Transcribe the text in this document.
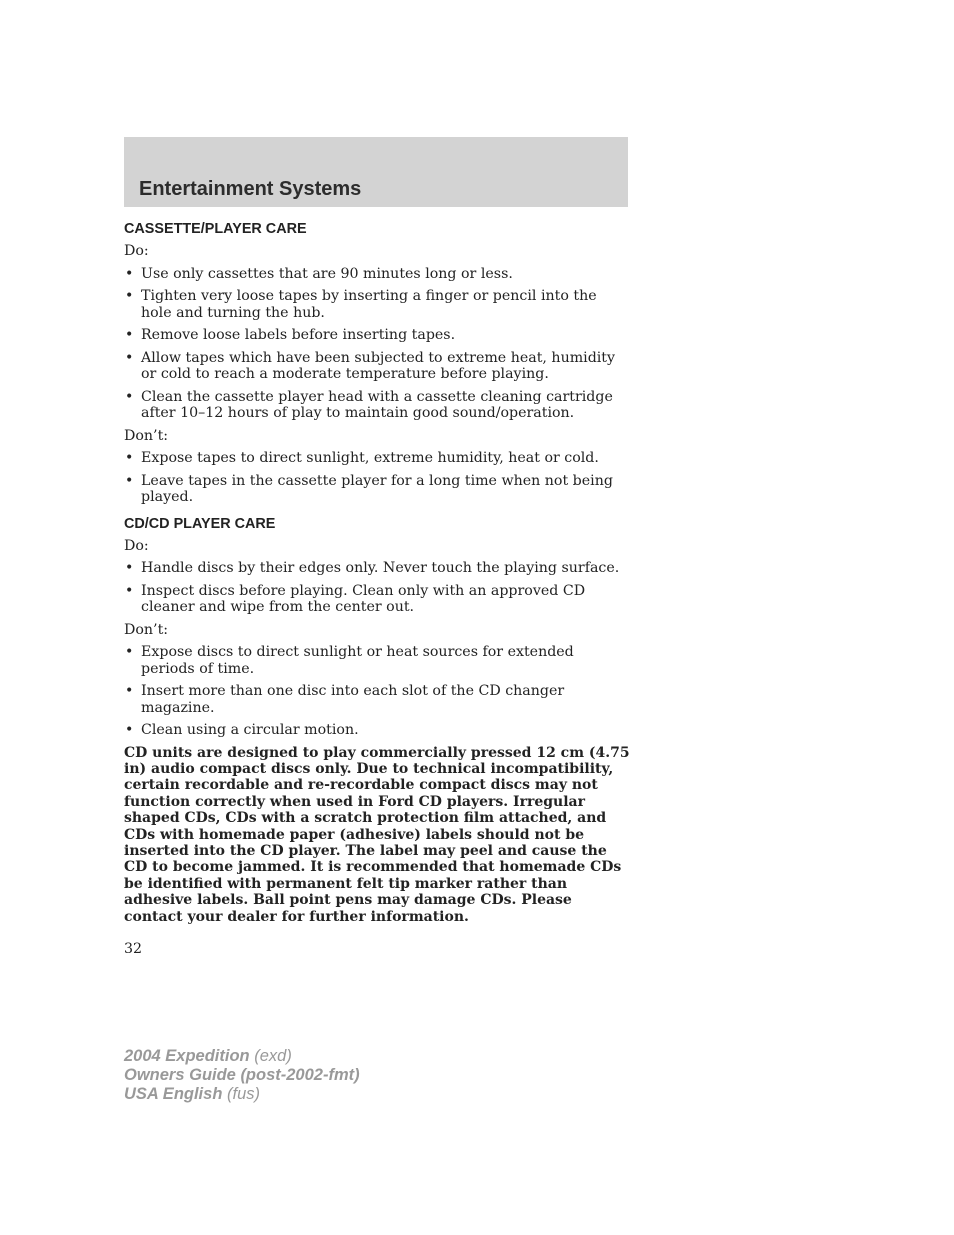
Entertainment Systems
CASSETTE/PLAYER CARE
Do:
• Use only cassettes that are 90 minutes long or less.
• Tighten very loose tapes by inserting a finger or pencil into the hole and turning the hub.
• Remove loose labels before inserting tapes.
• Allow tapes which have been subjected to extreme heat, humidity or cold to reach a moderate temperature before playing.
• Clean the cassette player head with a cassette cleaning cartridge after 10–12 hours of play to maintain good sound/operation.
Don’t:
• Expose tapes to direct sunlight, extreme humidity, heat or cold.
• Leave tapes in the cassette player for a long time when not being played.
CD/CD PLAYER CARE
Do:
• Handle discs by their edges only. Never touch the playing surface.
• Inspect discs before playing. Clean only with an approved CD cleaner and wipe from the center out.
Don’t:
• Expose discs to direct sunlight or heat sources for extended periods of time.
• Insert more than one disc into each slot of the CD changer magazine.
• Clean using a circular motion.
CD units are designed to play commercially pressed 12 cm (4.75 in) audio compact discs only. Due to technical incompatibility, certain recordable and re-recordable compact discs may not function correctly when used in Ford CD players. Irregular shaped CDs, CDs with a scratch protection film attached, and CDs with homemade paper (adhesive) labels should not be inserted into the CD player. The label may peel and cause the CD to become jammed. It is recommended that homemade CDs be identified with permanent felt tip marker rather than adhesive labels. Ball point pens may damage CDs. Please contact your dealer for further information.
32
2004 Expedition (exd)
Owners Guide (post-2002-fmt)
USA English (fus)
